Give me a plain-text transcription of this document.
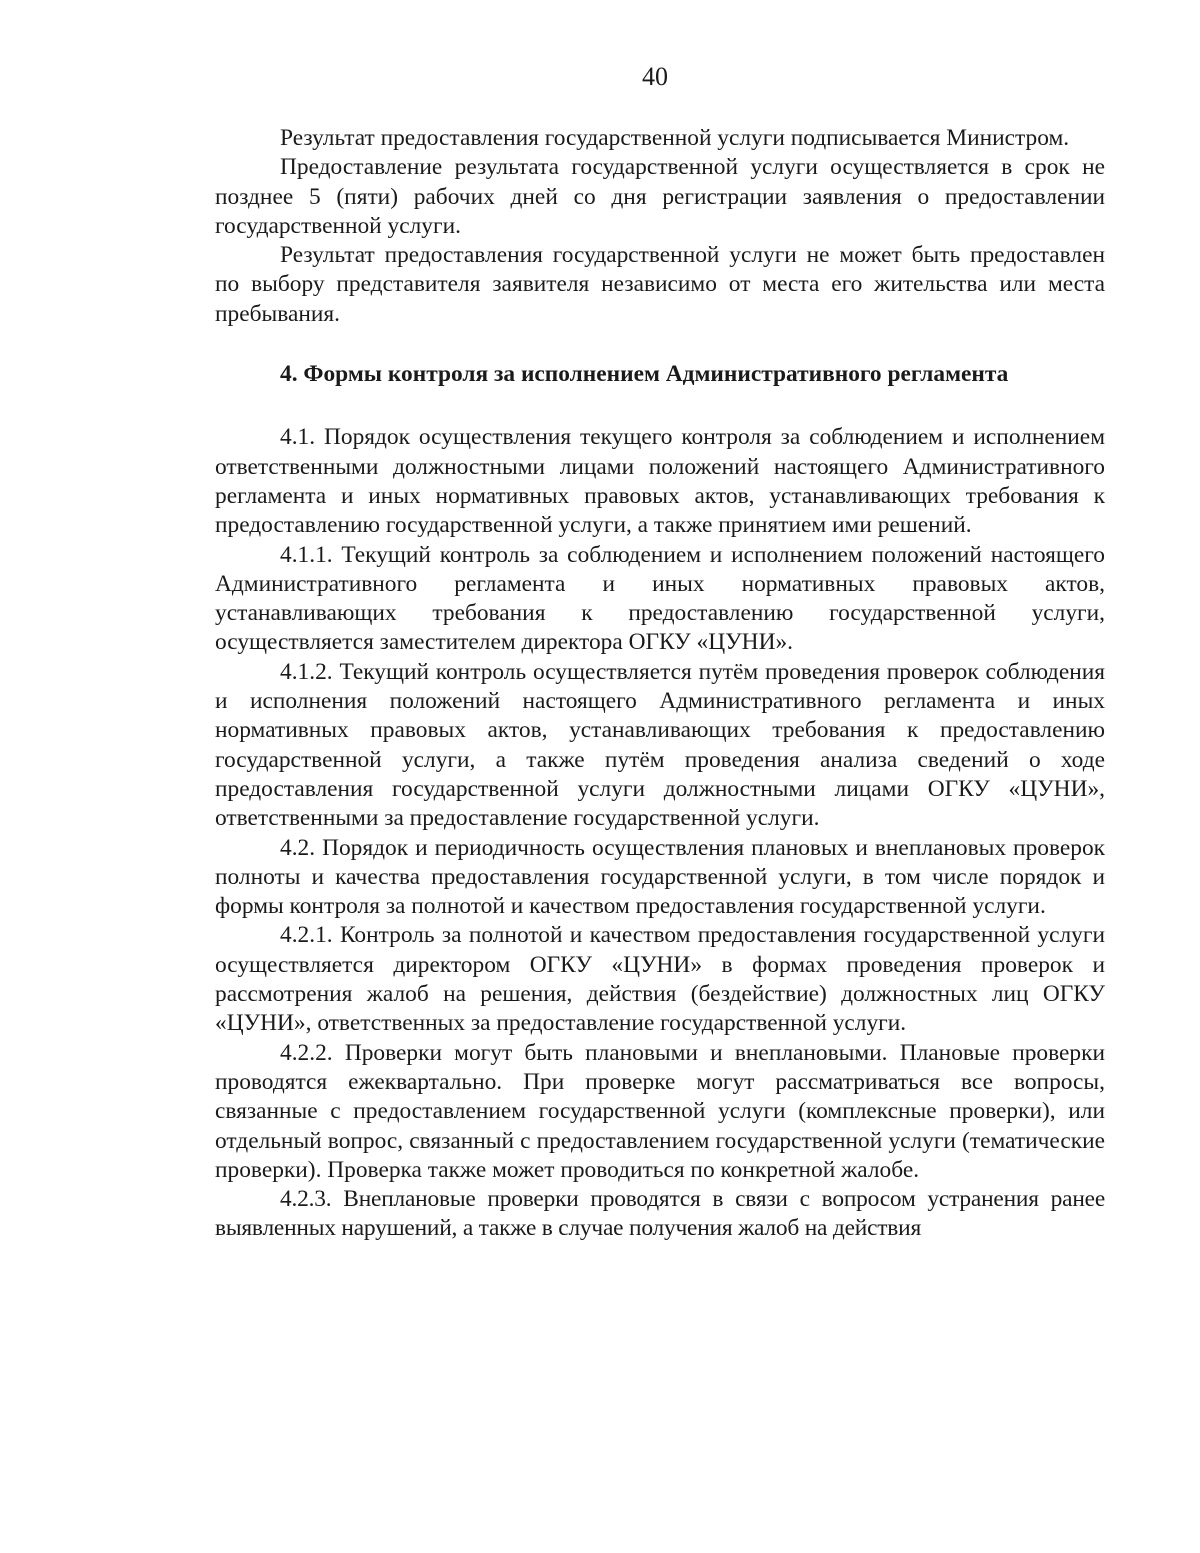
40

Результат предоставления государственной услуги подписывается Министром.

Предоставление результата государственной услуги осуществляется в срок не позднее 5 (пяти) рабочих дней со дня регистрации заявления о предоставлении государственной услуги.

Результат предоставления государственной услуги не может быть предоставлен по выбору представителя заявителя независимо от места его жительства или места пребывания.

4. Формы контроля за исполнением Административного регламента

4.1. Порядок осуществления текущего контроля за соблюдением и исполнением ответственными должностными лицами положений настоящего Административного регламента и иных нормативных правовых актов, устанавливающих требования к предоставлению государственной услуги, а также принятием ими решений.

4.1.1. Текущий контроль за соблюдением и исполнением положений настоящего Административного регламента и иных нормативных правовых актов, устанавливающих требования к предоставлению государственной услуги, осуществляется заместителем директора ОГКУ «ЦУНИ».

4.1.2. Текущий контроль осуществляется путём проведения проверок соблюдения и исполнения положений настоящего Административного регламента и иных нормативных правовых актов, устанавливающих требования к предоставлению государственной услуги, а также путём проведения анализа сведений о ходе предоставления государственной услуги должностными лицами ОГКУ «ЦУНИ», ответственными за предоставление государственной услуги.

4.2. Порядок и периодичность осуществления плановых и внеплановых проверок полноты и качества предоставления государственной услуги, в том числе порядок и формы контроля за полнотой и качеством предоставления государственной услуги.

4.2.1. Контроль за полнотой и качеством предоставления государственной услуги осуществляется директором ОГКУ «ЦУНИ» в формах проведения проверок и рассмотрения жалоб на решения, действия (бездействие) должностных лиц ОГКУ «ЦУНИ», ответственных за предоставление государственной услуги.

4.2.2. Проверки могут быть плановыми и внеплановыми. Плановые проверки проводятся ежеквартально. При проверке могут рассматриваться все вопросы, связанные с предоставлением государственной услуги (комплексные проверки), или отдельный вопрос, связанный с предоставлением государственной услуги (тематические проверки). Проверка также может проводиться по конкретной жалобе.

4.2.3. Внеплановые проверки проводятся в связи с вопросом устранения ранее выявленных нарушений, а также в случае получения жалоб на действия
